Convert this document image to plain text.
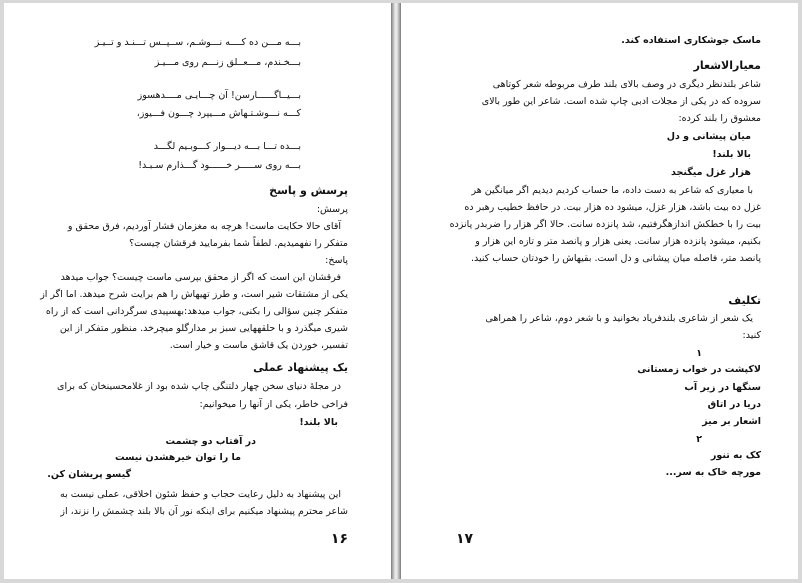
بـــه مـــن ده کــــه نـــوشـم، ســپــس تـــنـد و تــیـز
بـــخـندم، مـــعــلق زنـــم روی مـــیـز
بـــیــاگــــــارسن! آن چـــایـی مــــدهسوز
کـــه نـــوشـتـهاش مـــیپرد چـــون فـــیوز،
بـــده تـــا بـــه دیـــوار کـــوبـیم لگـــد
بـــه روی ســـــر خــــــود گـــذارم سـبـد!
پرسش و پاسخ
پرسش:
آقای حالا حکایت ماست! هرچه به مغزمان فشار آوردیم، فرق محقق و
متفکر را نفهمیدیم. لطفاً شما بفرمایید فرقشان چیست؟
پاسخ:
فرقشان این است که اگر از محقق بپرسی ماست چیست؟ جواب میدهد
یکی از مشتقات شیر است، و طرز تهیهاش را هم برایت شرح میدهد. اما اگر از
متفکر چنین سؤالی را بکنی، جواب میدهد:بهسپیدی سرگردانی است که از راه
شیری میگذرد و با حلقههایی سبز بر مدارگلو میچرخد. منظور متفکر از این
تفسیر، خوردن یک قاشق ماست و خیار است.
یک پیشنهاد عملی
در مجلهٔ دنیای سخن چهار دلتنگی چاپ شده بود از غلامحسینخان که برای
فراخی خاطر، یکی از آنها را میخوانیم:
بالا بلند!
در آفتاب دو چشمت
ما را توان خیرهشدن نیست
گیسو پریشان کن.
این پیشنهاد به دلیل رعایت حجاب و حفظ شئون اخلاقی، عملی نیست به
شاعر محترم پیشنهاد میکنیم برای اینکه نور آن بالا بلند چشمش را نزند، از
۱۶
ماسک جوشکاری استفاده کند.
معیارالاشعار
شاعر بلندنظر دیگری در وصف بالای بلند طرف مربوطه شعر کوتاهی
سروده که در یکی از مجلات ادبی چاپ شده است. شاعر این طور بالای
معشوق را بلند کرده:
میان پیشانی و دل
بالا بلند!
هزار غزل میگنجد
با معیاری که شاعر به دست داده، ما حساب کردیم دیدیم اگر میانگین هر
غزل ده بیت باشد، هزار غزل، میشود ده هزار بیت. در حافظ خطیب رهبر ده
بیت را با خطکش اندازهگرفتیم، شد پانزده سانت. حالا اگر هزار را ضربدر پانزده
بکنیم، میشود پانزده هزار سانت. یعنی هزار و پانصد متر و تازه این هزار و
پانصد متر، فاصله میان پیشانی و دل است. بقیهاش را خودتان حساب کنید.
تکلیف
یک شعر از شاعری بلندفریاد بخوانید و با شعر دوم، شاعر را همراهی
کنید:
۱
لاکپشت در خواب زمستانی
سنگها در زیر آب
دریا در اتاق
اشعار بر میز
۲
کک به تنور
مورچه خاک به سر...
۱۷
